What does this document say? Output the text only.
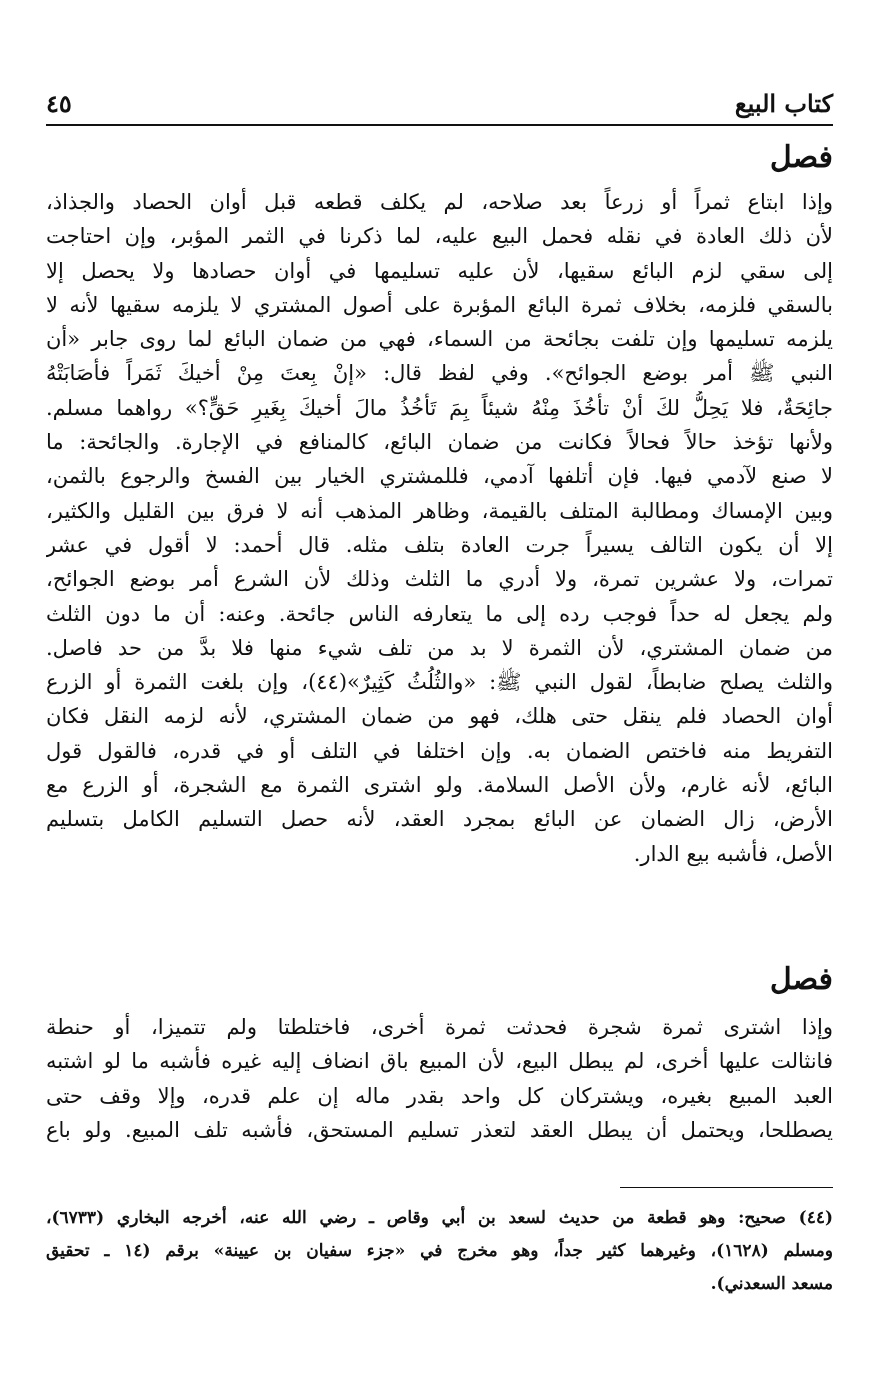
كتاب البيع
٤٥
فصل

وإذا ابتاع ثمراً أو زرعاً بعد صلاحه، لم يكلف قطعه قبل أوان الحصاد والجذاذ،
لأن ذلك العادة في نقله فحمل البيع عليه، لما ذكرنا في الثمر المؤبر، وإن احتاجت
إلى سقي لزم البائع سقيها، لأن عليه تسليمها في أوان حصادها ولا يحصل إلا
بالسقي فلزمه، بخلاف ثمرة البائع المؤبرة على أصول المشتري لا يلزمه سقيها لأنه لا
يلزمه تسليمها وإن تلفت بجائحة من السماء، فهي من ضمان البائع لما روى جابر «أن
النبي ﷺ أمر بوضع الجوائح». وفي لفظ قال: «إنْ بِعتَ مِنْ أخيكَ ثَمَراً فأصَابَتْهُ
جائِحَةٌ، فلا يَحِلُّ لكَ أنْ تأخُذَ مِنْهُ شيئاً بِمَ تَأخُذُ مالَ أخيكَ بِغَيرِ حَقٍّ؟» رواهما مسلم.
ولأنها تؤخذ حالاً فحالاً فكانت من ضمان البائع، كالمنافع في الإجارة. والجائحة: ما
لا صنع لآدمي فيها. فإن أتلفها آدمي، فللمشتري الخيار بين الفسخ والرجوع بالثمن،
وبين الإمساك ومطالبة المتلف بالقيمة، وظاهر المذهب أنه لا فرق بين القليل والكثير،
إلا أن يكون التالف يسيراً جرت العادة بتلف مثله. قال أحمد: لا أقول في عشر
تمرات، ولا عشرين تمرة، ولا أدري ما الثلث وذلك لأن الشرع أمر بوضع الجوائح،
ولم يجعل له حداً فوجب رده إلى ما يتعارفه الناس جائحة. وعنه: أن ما دون الثلث
من ضمان المشتري، لأن الثمرة لا بد من تلف شيء منها فلا بدَّ من حد فاصل.
والثلث يصلح ضابطاً، لقول النبي ﷺ: «والثُلُثُ كَثِيرٌ»(٤٤)، وإن بلغت الثمرة أو الزرع
أوان الحصاد فلم ينقل حتى هلك، فهو من ضمان المشتري، لأنه لزمه النقل فكان
التفريط منه فاختص الضمان به. وإن اختلفا في التلف أو في قدره، فالقول قول
البائع، لأنه غارم، ولأن الأصل السلامة. ولو اشترى الثمرة مع الشجرة، أو الزرع مع
الأرض، زال الضمان عن البائع بمجرد العقد، لأنه حصل التسليم الكامل بتسليم
الأصل، فأشبه بيع الدار.

فصل

وإذا اشترى ثمرة شجرة فحدثت ثمرة أخرى، فاختلطتا ولم تتميزا، أو حنطة
فانثالت عليها أخرى، لم يبطل البيع، لأن المبيع باق انضاف إليه غيره فأشبه ما لو اشتبه
العبد المبيع بغيره، ويشتركان كل واحد بقدر ماله إن علم قدره، وإلا وقف حتى
يصطلحا، ويحتمل أن يبطل العقد لتعذر تسليم المستحق، فأشبه تلف المبيع. ولو باع

(٤٤) صحيح: وهو قطعة من حديث لسعد بن أبي وقاص ـ رضي الله عنه، أخرجه البخاري (٦٧٣٣)،
ومسلم (١٦٢٨)، وغيرهما كثير جداً، وهو مخرج في «جزء سفيان بن عيينة» برقم (١٤ ـ تحقيق
مسعد السعدني).
